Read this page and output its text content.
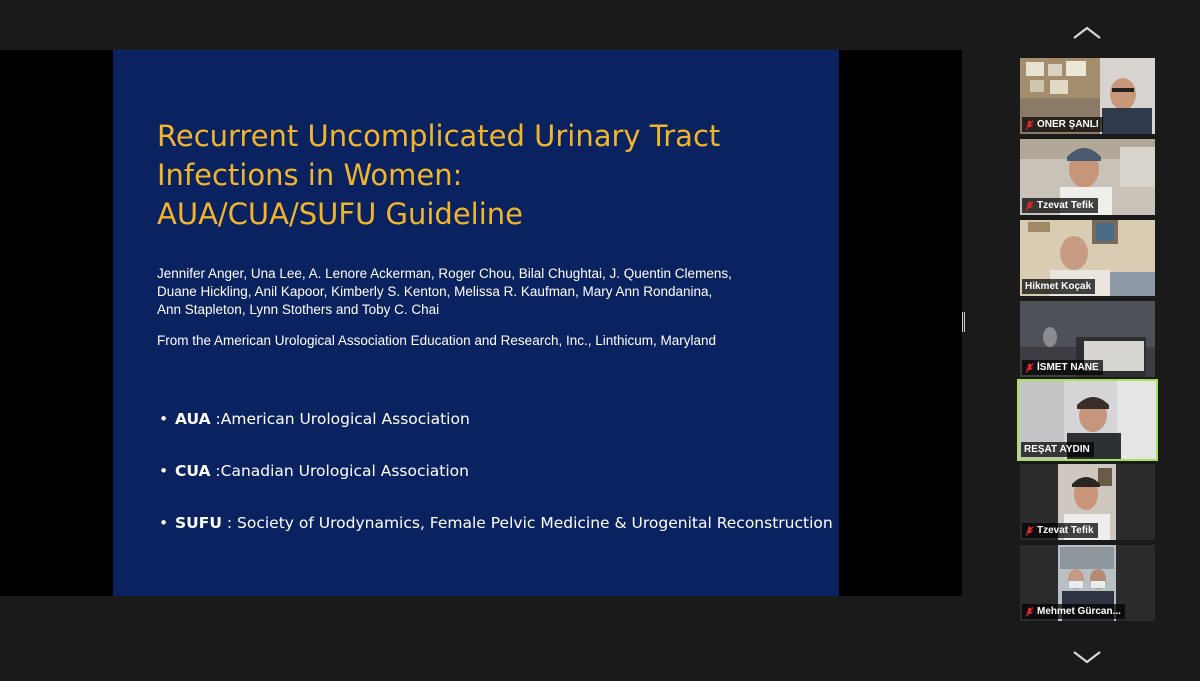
Recurrent Uncomplicated Urinary Tract
Infections in Women:
AUA/CUA/SUFU Guideline
Jennifer Anger, Una Lee, A. Lenore Ackerman, Roger Chou, Bilal Chughtai, J. Quentin Clemens,
Duane Hickling, Anil Kapoor, Kimberly S. Kenton, Melissa R. Kaufman, Mary Ann Rondanina,
Ann Stapleton, Lynn Stothers and Toby C. Chai
From the American Urological Association Education and Research, Inc., Linthicum, Maryland
• AUA :American Urological Association
• CUA :Canadian Urological Association
• SUFU : Society of Urodynamics, Female Pelvic Medicine & Urogenital Reconstruction
ONER ŞANLI
Tzevat Tefik
Hikmet Koçak
İSMET NANE
REŞAT AYDIN
Tzevat Tefik
Mehmet Gürcan...
